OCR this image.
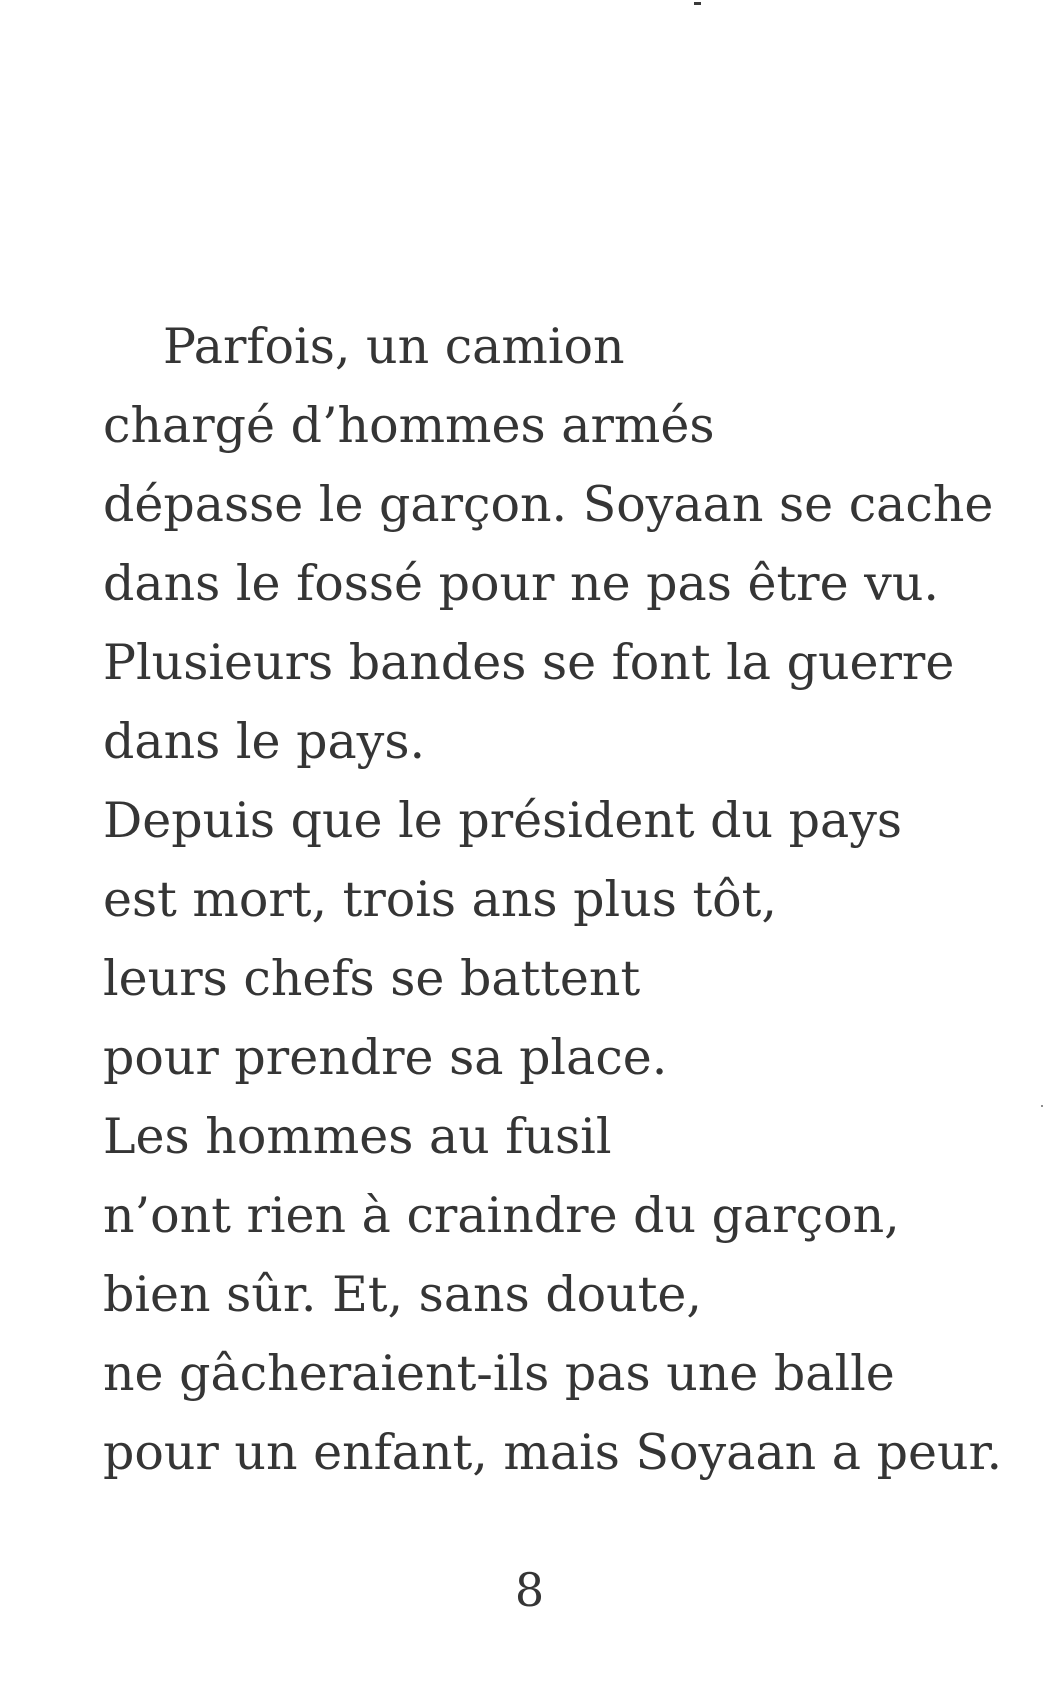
Parfois, un camion
chargé d’hommes armés
dépasse le garçon. Soyaan se cache
dans le fossé pour ne pas être vu.
Plusieurs bandes se font la guerre
dans le pays.
Depuis que le président du pays
est mort, trois ans plus tôt,
leurs chefs se battent
pour prendre sa place.
Les hommes au fusil
n’ont rien à craindre du garçon,
bien sûr. Et, sans doute,
ne gâcheraient-ils pas une balle
pour un enfant, mais Soyaan a peur.

8
